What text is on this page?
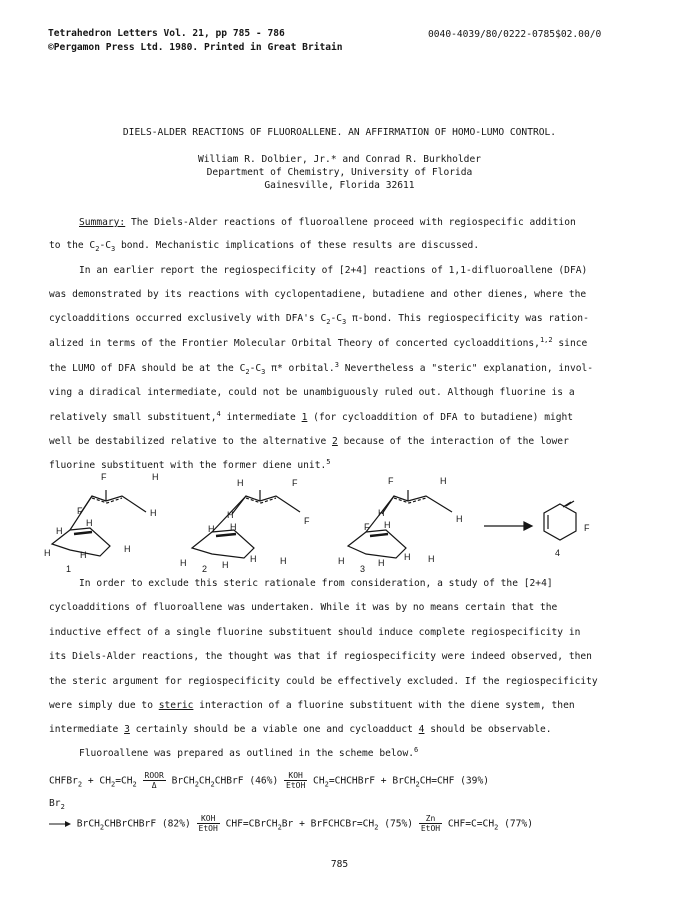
Tetrahedron Letters Vol. 21, pp 785 - 786
©Pergamon Press Ltd. 1980. Printed in Great Britain
0040-4039/80/0222-0785$02.00/0
DIELS-ALDER REACTIONS OF FLUOROALLENE. AN AFFIRMATION OF HOMO-LUMO CONTROL.
William R. Dolbier, Jr.* and Conrad R. Burkholder
Department of Chemistry, University of Florida
Gainesville, Florida 32611
Summary: The Diels-Alder reactions of fluoroallene proceed with regiospecific addition
to the $C_2-C_3$ bond. Mechanistic implications of these results are discussed.
In an earlier report the regiospecificity of [2+4] reactions of 1,1-difluoroallene (DFA)
was demonstrated by its reactions with cyclopentadiene, butadiene and other dienes, where the
cycloadditions occurred exclusively with DFA's $C_2-C_3$ π-bond. This regiospecificity was ration-
alized in terms of the Frontier Molecular Orbital Theory of concerted cycloadditions,$^{1,2}$ since
the LUMO of DFA should be at the $C_2-C_3$ π* orbital.$^3$ Nevertheless a "steric" explanation, invol-
ving a diradical intermediate, could not be unambiguously ruled out. Although fluorine is a
relatively small substituent,$^4$ intermediate 1 (for cycloaddition of DFA to butadiene) might
well be destabilized relative to the alternative 2 because of the interaction of the lower
fluorine substituent with the former diene unit.$^5$
F	H
F	H
H
H
H	H
H
1
H	F
H
F
H H
H	H	H
H
2
F	H
H
H
F H
H	H	H
H
3
F
4
In order to exclude this steric rationale from consideration, a study of the [2+4]
cycloadditions of fluoroallene was undertaken. While it was by no means certain that the
inductive effect of a single fluorine substituent should induce complete regiospecificity in
its Diels-Alder reactions, the thought was that if regiospecificity were indeed observed, then
the steric argument for regiospecificity could be effectively excluded. If the regiospecificity
were simply due to steric interaction of a fluorine substituent with the diene system, then
intermediate 3 certainly should be a viable one and cycloadduct 4 should be observable.
Fluoroallene was prepared as outlined in the scheme below.$^6$
CHFBr$_2$ + $CH_2=CH_2$
ROOR
Δ $BrCH_2CH_2CHBrF$ (46%) KOH
EtOH $CH_2=CHCHBrF$ + BrCH$_2$CH=CHF (39%)
$Br_2$
BrCH$_2$CHBrCHBrF (82%) KOH
EtOH CHF=CBrCH$_2$Br + $BrFCHCBr=CH_2$ (75%) Zn
EtOH $CHF=C=CH_2$ (77%)
785
